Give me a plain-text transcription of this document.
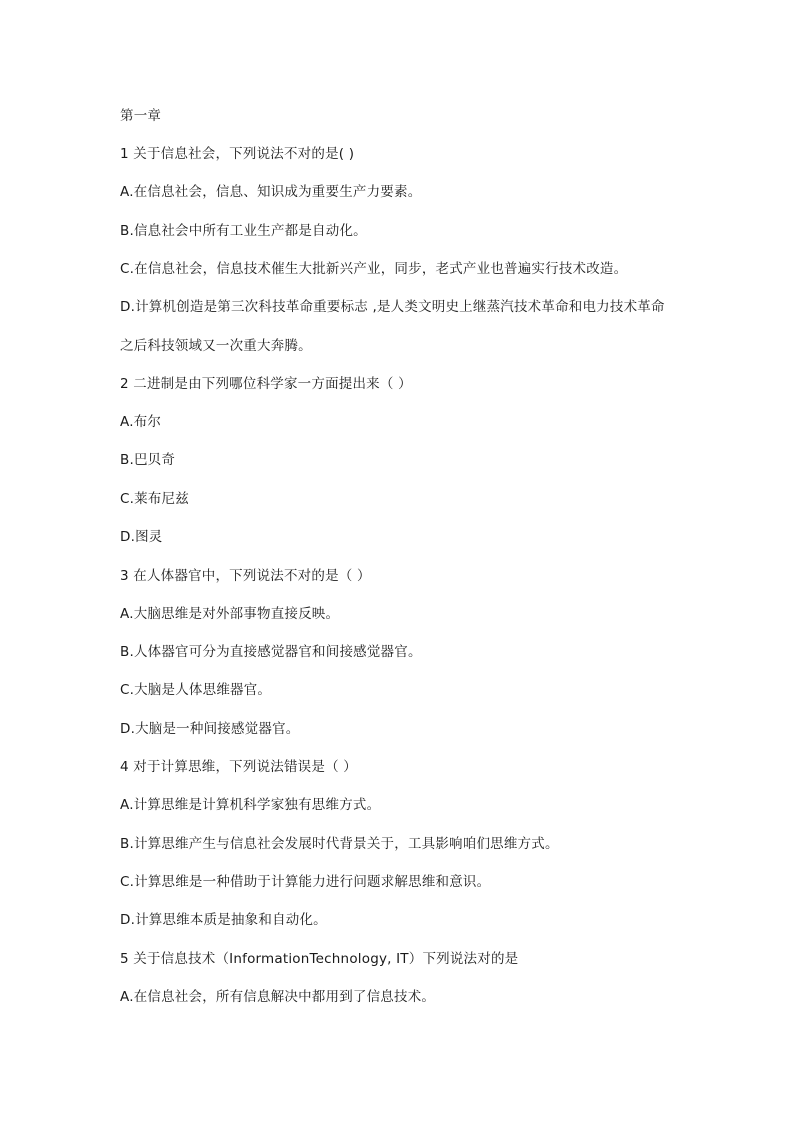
第一章
1 关于信息社会，下列说法不对的是( )
A.在信息社会，信息、知识成为重要生产力要素。
B.信息社会中所有工业生产都是自动化。
C.在信息社会，信息技术催生大批新兴产业，同步，老式产业也普遍实行技术改造。
D.计算机创造是第三次科技革命重要标志 ,是人类文明史上继蒸汽技术革命和电力技术革命
之后科技领域又一次重大奔腾。
2 二进制是由下列哪位科学家一方面提出来（ ）
A.布尔
B.巴贝奇
C.莱布尼兹
D.图灵
3 在人体器官中，下列说法不对的是（ ）
A.大脑思维是对外部事物直接反映。
B.人体器官可分为直接感觉器官和间接感觉器官。
C.大脑是人体思维器官。
D.大脑是一种间接感觉器官。
4 对于计算思维，下列说法错误是（ ）
A.计算思维是计算机科学家独有思维方式。
B.计算思维产生与信息社会发展时代背景关于，工具影响咱们思维方式。
C.计算思维是一种借助于计算能力进行问题求解思维和意识。
D.计算思维本质是抽象和自动化。
5 关于信息技术（InformationTechnology, IT）下列说法对的是
A.在信息社会，所有信息解决中都用到了信息技术。
